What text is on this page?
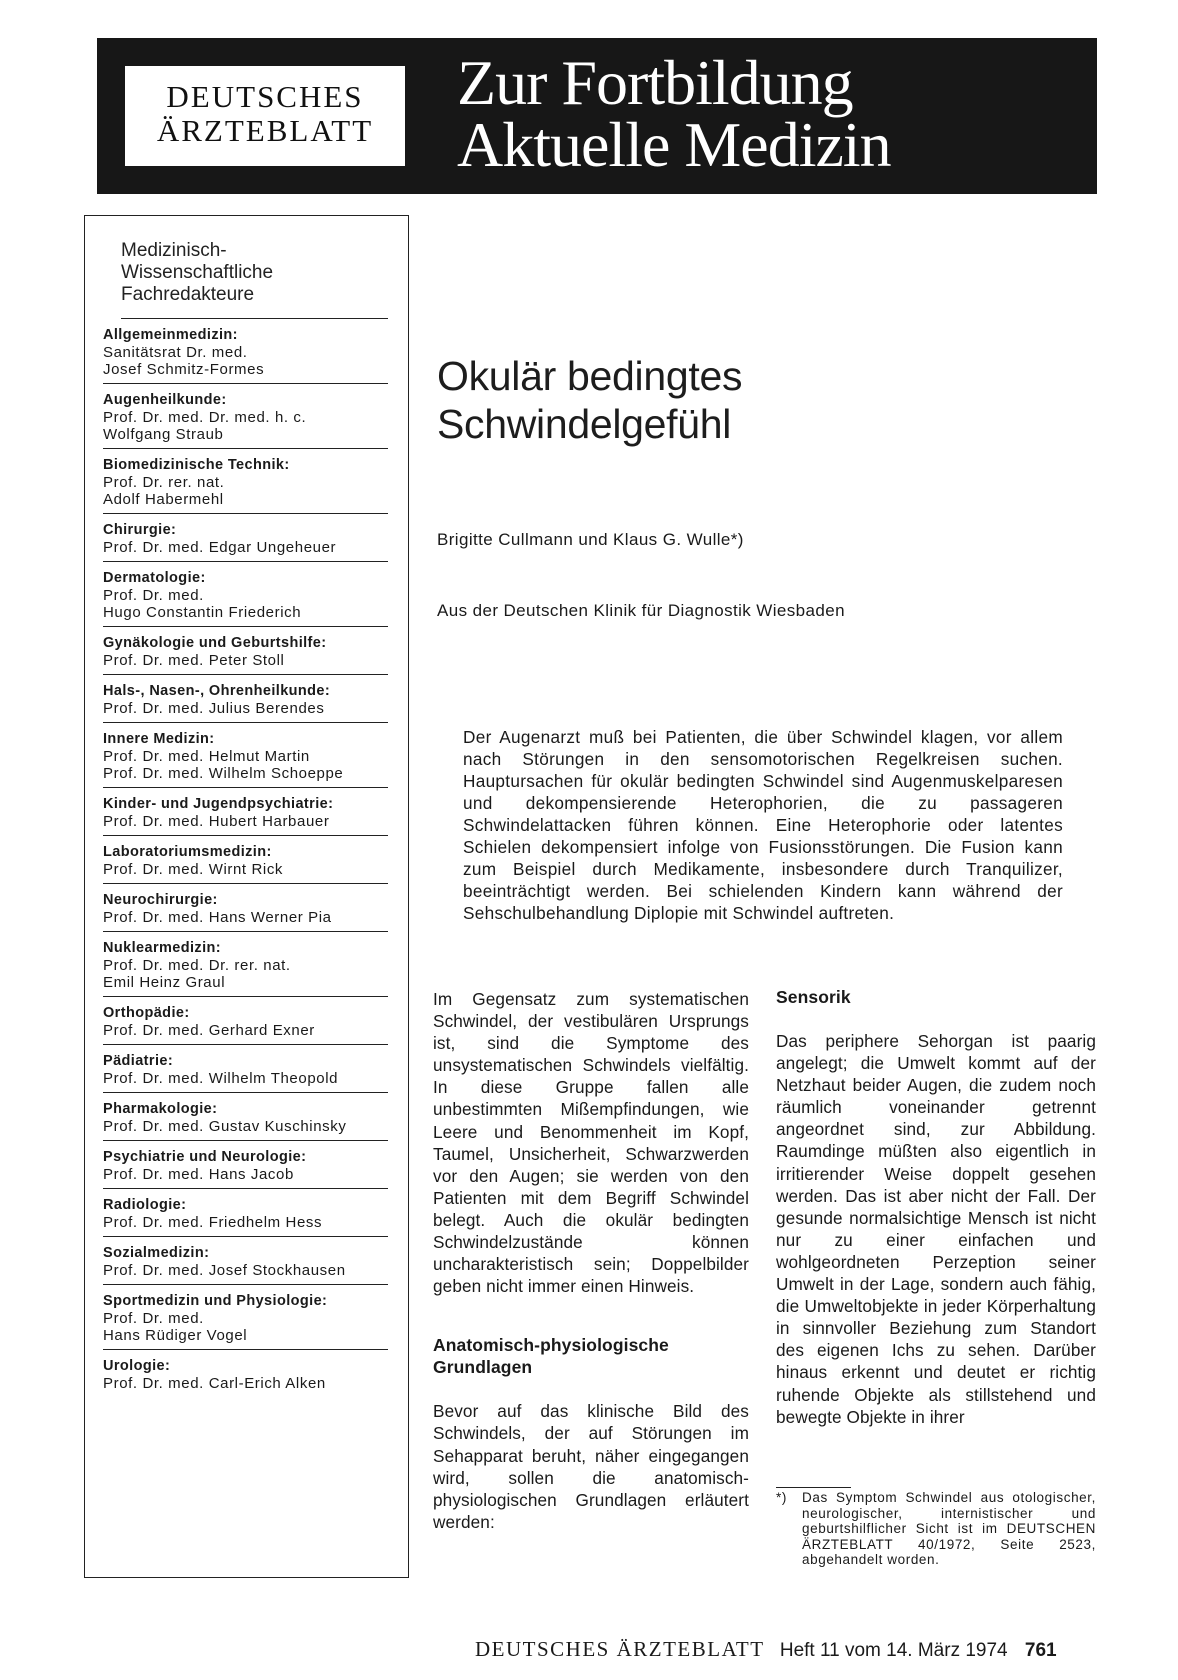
DEUTSCHES
ÄRZTEBLATT
Zur Fortbildung
Aktuelle Medizin
Medizinisch-
Wissenschaftliche
Fachredakteure
Allgemeinmedizin:
Sanitätsrat Dr. med.
Josef Schmitz-Formes
Augenheilkunde:
Prof. Dr. med. Dr. med. h. c.
Wolfgang Straub
Biomedizinische Technik:
Prof. Dr. rer. nat.
Adolf Habermehl
Chirurgie:
Prof. Dr. med. Edgar Ungeheuer
Dermatologie:
Prof. Dr. med.
Hugo Constantin Friederich
Gynäkologie und Geburtshilfe:
Prof. Dr. med. Peter Stoll
Hals-, Nasen-, Ohrenheilkunde:
Prof. Dr. med. Julius Berendes
Innere Medizin:
Prof. Dr. med. Helmut Martin
Prof. Dr. med. Wilhelm Schoeppe
Kinder- und Jugendpsychiatrie:
Prof. Dr. med. Hubert Harbauer
Laboratoriumsmedizin:
Prof. Dr. med. Wirnt Rick
Neurochirurgie:
Prof. Dr. med. Hans Werner Pia
Nuklearmedizin:
Prof. Dr. med. Dr. rer. nat.
Emil Heinz Graul
Orthopädie:
Prof. Dr. med. Gerhard Exner
Pädiatrie:
Prof. Dr. med. Wilhelm Theopold
Pharmakologie:
Prof. Dr. med. Gustav Kuschinsky
Psychiatrie und Neurologie:
Prof. Dr. med. Hans Jacob
Radiologie:
Prof. Dr. med. Friedhelm Hess
Sozialmedizin:
Prof. Dr. med. Josef Stockhausen
Sportmedizin und Physiologie:
Prof. Dr. med.
Hans Rüdiger Vogel
Urologie:
Prof. Dr. med. Carl-Erich Alken
Okulär bedingtes
Schwindelgefühl
Brigitte Cullmann und Klaus G. Wulle*)
Aus der Deutschen Klinik für Diagnostik Wiesbaden
Der Augenarzt muß bei Patienten, die über Schwindel klagen, vor allem nach Störungen in den sensomotorischen Regelkreisen suchen. Hauptursachen für okulär bedingten Schwindel sind Augenmuskelparesen und dekompensierende Heterophorien, die zu passageren Schwindelattacken führen können. Eine Heterophorie oder latentes Schielen dekompensiert infolge von Fusionsstörungen. Die Fusion kann zum Beispiel durch Medikamente, insbesondere durch Tranquilizer, beeinträchtigt werden. Bei schielenden Kindern kann während der Sehschulbehandlung Diplopie mit Schwindel auftreten.

Im Gegensatz zum systematischen Schwindel, der vestibulären Ursprungs ist, sind die Symptome des unsystematischen Schwindels vielfältig. In diese Gruppe fallen alle unbestimmten Mißempfindungen, wie Leere und Benommenheit im Kopf, Taumel, Unsicherheit, Schwarzwerden vor den Augen; sie werden von den Patienten mit dem Begriff Schwindel belegt. Auch die okulär bedingten Schwindelzustände können uncharakteristisch sein; Doppelbilder geben nicht immer einen Hinweis.

Anatomisch-physiologische Grundlagen

Bevor auf das klinische Bild des Schwindels, der auf Störungen im Sehapparat beruht, näher eingegangen wird, sollen die anatomisch-physiologischen Grundlagen erläutert werden:

Sensorik

Das periphere Sehorgan ist paarig angelegt; die Umwelt kommt auf der Netzhaut beider Augen, die zudem noch räumlich voneinander getrennt angeordnet sind, zur Abbildung. Raumdinge müßten also eigentlich in irritierender Weise doppelt gesehen werden. Das ist aber nicht der Fall. Der gesunde normalsichtige Mensch ist nicht nur zu einer einfachen und wohlgeordneten Perzeption seiner Umwelt in der Lage, sondern auch fähig, die Umweltobjekte in jeder Körperhaltung in sinnvoller Beziehung zum Standort des eigenen Ichs zu sehen. Darüber hinaus erkennt und deutet er richtig ruhende Objekte als stillstehend und bewegte Objekte in ihrer

*) Das Symptom Schwindel aus otologischer, neurologischer, internistischer und geburtshilflicher Sicht ist im DEUTSCHEN ÄRZTEBLATT 40/1972, Seite 2523, abgehandelt worden.
DEUTSCHES ÄRZTEBLATT Heft 11 vom 14. März 1974 761
